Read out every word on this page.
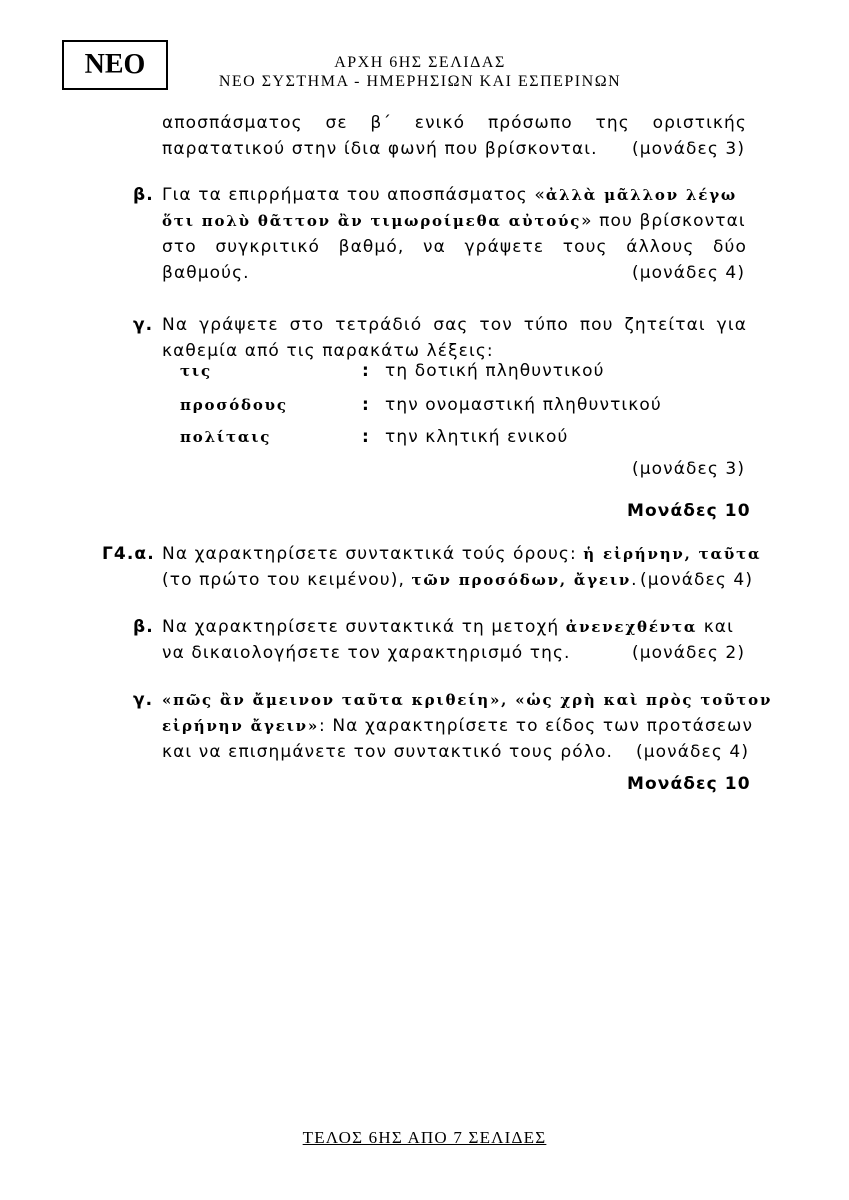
ΝΕΟ	ΑΡΧΗ 6ΗΣ ΣΕΛΙΔΑΣ
ΝΕΟ ΣΥΣΤΗΜΑ - ΗΜΕΡΗΣΙΩΝ ΚΑΙ ΕΣΠΕΡΙΝΩΝ
αποσπάσματος σε β΄ ενικό πρόσωπο της οριστικής
παρατατικού στην ίδια φωνή που βρίσκονται. (μονάδες 3)
β. Για τα επιρρήματα του αποσπάσματος «ἀλλὰ μᾶλλον λέγω
ὅτι πολὺ θᾶττον ἂν τιμωροίμεθα αὐτούς» που βρίσκονται
στο συγκριτικό βαθμό, να γράψετε τους άλλους δύο
βαθμούς.	(μονάδες 4)
γ. Να γράψετε στο τετράδιό σας τον τύπο που ζητείται για
καθεμία από τις παρακάτω λέξεις:
τις	: τη δοτική πληθυντικού
προσόδους	: την ονομαστική πληθυντικού
πολίταις	: την κλητική ενικού
(μονάδες 3)
Μονάδες 10
Γ4.α. Να χαρακτηρίσετε συντακτικά τούς όρους: ἡ εἰρήνην, ταῦτα
(το πρώτο του κειμένου), τῶν προσόδων, ἄγειν. (μονάδες 4)
β. Να χαρακτηρίσετε συντακτικά τη μετοχή ἀνενεχθέντα και
να δικαιολογήσετε τον χαρακτηρισμό της.	(μονάδες 2)
γ. «πῶς ἂν ἄμεινον ταῦτα κριθείη», «ὡς χρὴ καὶ πρὸς τοῦτον
εἰρήνην ἄγειν»: Να χαρακτηρίσετε το είδος των προτάσεων
και να επισημάνετε τον συντακτικό τους ρόλο. (μονάδες 4)
Μονάδες 10
ΤΕΛΟΣ 6ΗΣ ΑΠΟ 7 ΣΕΛΙΔΕΣ
